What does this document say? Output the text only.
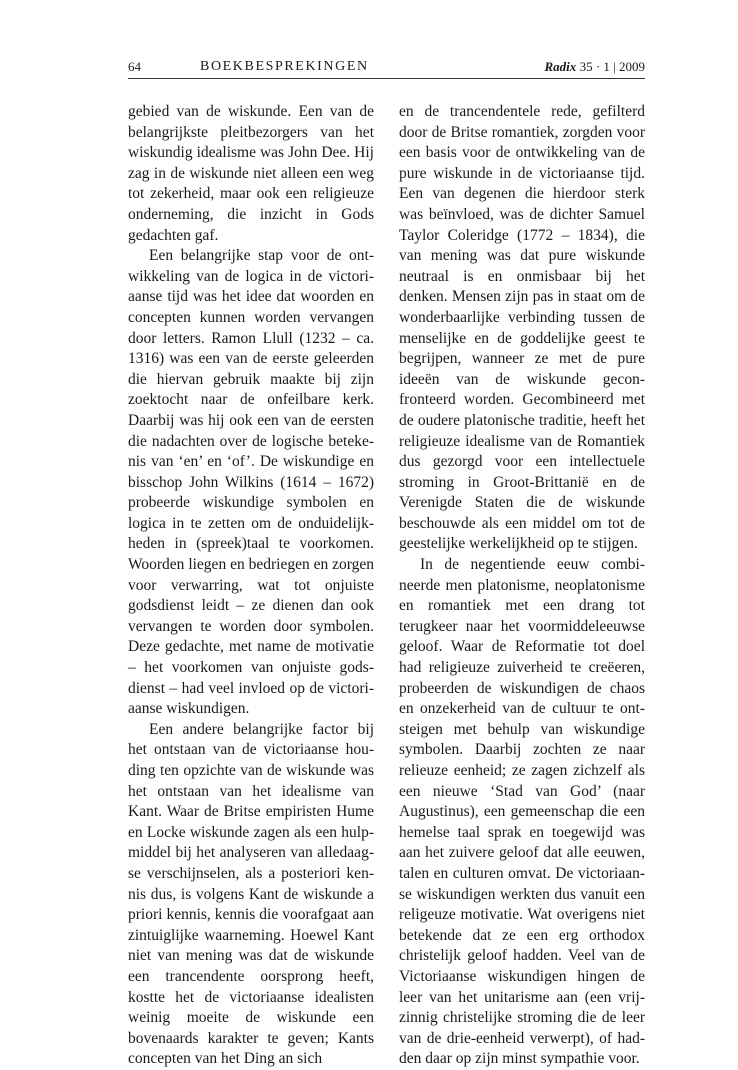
64	BOEKBESPREKINGEN	Radix 35 · 1 | 2009

gebied van de wiskunde. Een van de belangrijkste pleitbezorgers van het wiskundig idealisme was John Dee. Hij zag in de wiskunde niet alleen een weg tot zekerheid, maar ook een religieuze onderneming, die inzicht in Gods gedachten gaf.

Een belangrijke stap voor de ontwikkeling van de logica in de victoriaanse tijd was het idee dat woorden en concepten kunnen worden vervangen door letters. Ramon Llull (1232 – ca. 1316) was een van de eerste geleerden die hiervan gebruik maakte bij zijn zoektocht naar de onfeilbare kerk. Daarbij was hij ook een van de eersten die nadachten over de logische betekenis van ‘en’ en ‘of’. De wiskundige en bisschop John Wilkins (1614 – 1672) probeerde wiskundige symbolen en logica in te zetten om de onduidelijkheden in (spreek)taal te voorkomen. Woorden liegen en bedriegen en zorgen voor verwarring, wat tot onjuiste godsdienst leidt – ze dienen dan ook vervangen te worden door symbolen. Deze gedachte, met name de motivatie – het voorkomen van onjuiste godsdienst – had veel invloed op de victoriaanse wiskundigen.

Een andere belangrijke factor bij het ontstaan van de victoriaanse houding ten opzichte van de wiskunde was het ontstaan van het idealisme van Kant. Waar de Britse empiristen Hume en Locke wiskunde zagen als een hulpmiddel bij het analyseren van alledaagse verschijnselen, als a posteriori kennis dus, is volgens Kant de wiskunde a priori kennis, kennis die voorafgaat aan zintuiglijke waarneming. Hoewel Kant niet van mening was dat de wiskunde een trancendente oorsprong heeft, kostte het de victoriaanse idealisten weinig moeite de wiskunde een bovenaards karakter te geven; Kants concepten van het Ding an sich

en de trancendentele rede, gefilterd door de Britse romantiek, zorgden voor een basis voor de ontwikkeling van de pure wiskunde in de victoriaanse tijd. Een van degenen die hierdoor sterk was beïnvloed, was de dichter Samuel Taylor Coleridge (1772 – 1834), die van mening was dat pure wiskunde neutraal is en onmisbaar bij het denken. Mensen zijn pas in staat om de wonderbaarlijke verbinding tussen de menselijke en de goddelijke geest te begrijpen, wanneer ze met de pure ideeën van de wiskunde geconfronteerd worden. Gecombineerd met de oudere platonische traditie, heeft het religieuze idealisme van de Romantiek dus gezorgd voor een intellectuele stroming in Groot-Brittanië en de Verenigde Staten die de wiskunde beschouwde als een middel om tot de geestelijke werkelijkheid op te stijgen.

In de negentiende eeuw combineerde men platonisme, neoplatonisme en romantiek met een drang tot terugkeer naar het voormiddeleeuwse geloof. Waar de Reformatie tot doel had religieuze zuiverheid te creëeren, probeerden de wiskundigen de chaos en onzekerheid van de cultuur te ontsteigen met behulp van wiskundige symbolen. Daarbij zochten ze naar relieuze eenheid; ze zagen zichzelf als een nieuwe ‘Stad van God’ (naar Augustinus), een gemeenschap die een hemelse taal sprak en toegewijd was aan het zuivere geloof dat alle eeuwen, talen en culturen omvat. De victoriaanse wiskundigen werkten dus vanuit een religeuze motivatie. Wat overigens niet betekende dat ze een erg orthodox christelijk geloof hadden. Veel van de Victoriaanse wiskundigen hingen de leer van het unitarisme aan (een vrijzinnig christelijke stroming die de leer van de drie-eenheid verwerpt), of hadden daar op zijn minst sympathie voor.
